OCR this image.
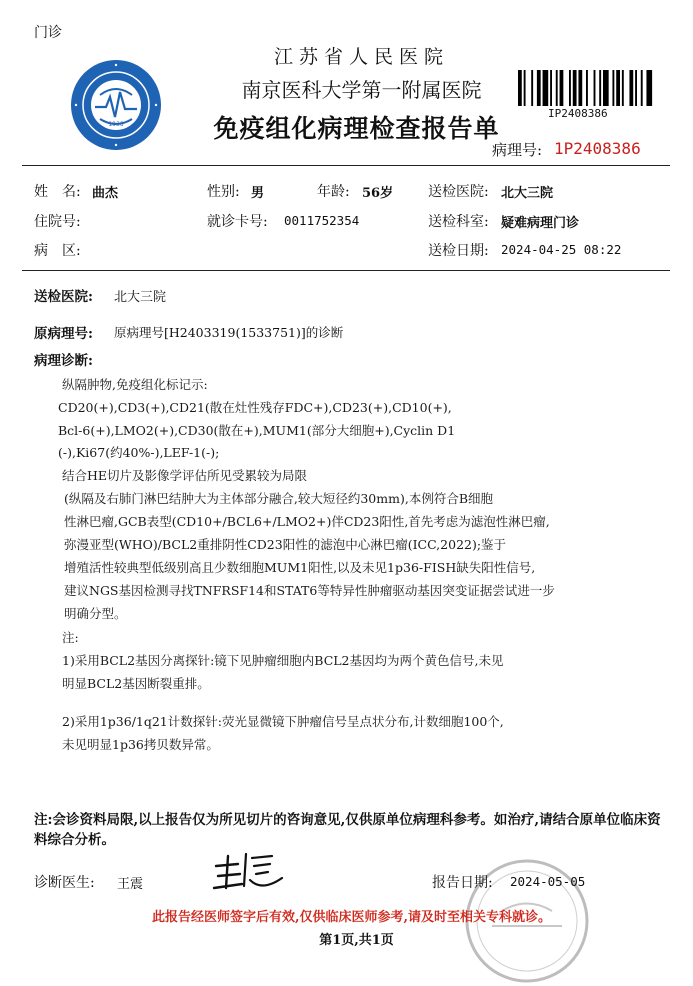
门诊
1936
江苏省人民医院
南京医科大学第一附属医院
免疫组化病理检查报告单
IP2408386
病理号: 1P2408386
姓　名: 曲杰	性别: 男	年龄: 56岁 送检医院: 北大三院
住院号:	就诊卡号: 0011752354	送检科室: 疑难病理门诊
病　区:	送检日期: 2024-04-25 08:22
送检医院: 北大三院
原病理号: 原病理号[H2403319(1533751)]的诊断
病理诊断:
纵隔肿物,免疫组化标记示:
CD20(+),CD3(+),CD21(散在灶性残存FDC+),CD23(+),CD10(+),
Bcl-6(+),LMO2(+),CD30(散在+),MUM1(部分大细胞+),Cyclin D1
(-),Ki67(约40%-),LEF-1(-);
结合HE切片及影像学评估所见受累较为局限
(纵隔及右肺门淋巴结肿大为主体部分融合,较大短径约30mm),本例符合B细胞
性淋巴瘤,GCB表型(CD10+/BCL6+/LMO2+)伴CD23阳性,首先考虑为滤泡性淋巴瘤,
弥漫亚型(WHO)/BCL2重排阴性CD23阳性的滤泡中心淋巴瘤(ICC,2022);鉴于
增殖活性较典型低级别高且少数细胞MUM1阳性,以及未见1p36-FISH缺失阳性信号,
建议NGS基因检测寻找TNFRSF14和STAT6等特异性肿瘤驱动基因突变证据尝试进一步
明确分型。
注:
1)采用BCL2基因分离探针:镜下见肿瘤细胞内BCL2基因均为两个黄色信号,未见
明显BCL2基因断裂重排。
2)采用1p36/1q21计数探针:荧光显微镜下肿瘤信号呈点状分布,计数细胞100个,
未见明显1p36拷贝数异常。
注:会诊资料局限,以上报告仅为所见切片的咨询意见,仅供原单位病理科参考。如治疗,请结合原单位临床资料综合分析。
诊断医生: 王震	报告日期: 2024-05-05
此报告经医师签字后有效,仅供临床医师参考,请及时至相关专科就诊。
第1页,共1页
